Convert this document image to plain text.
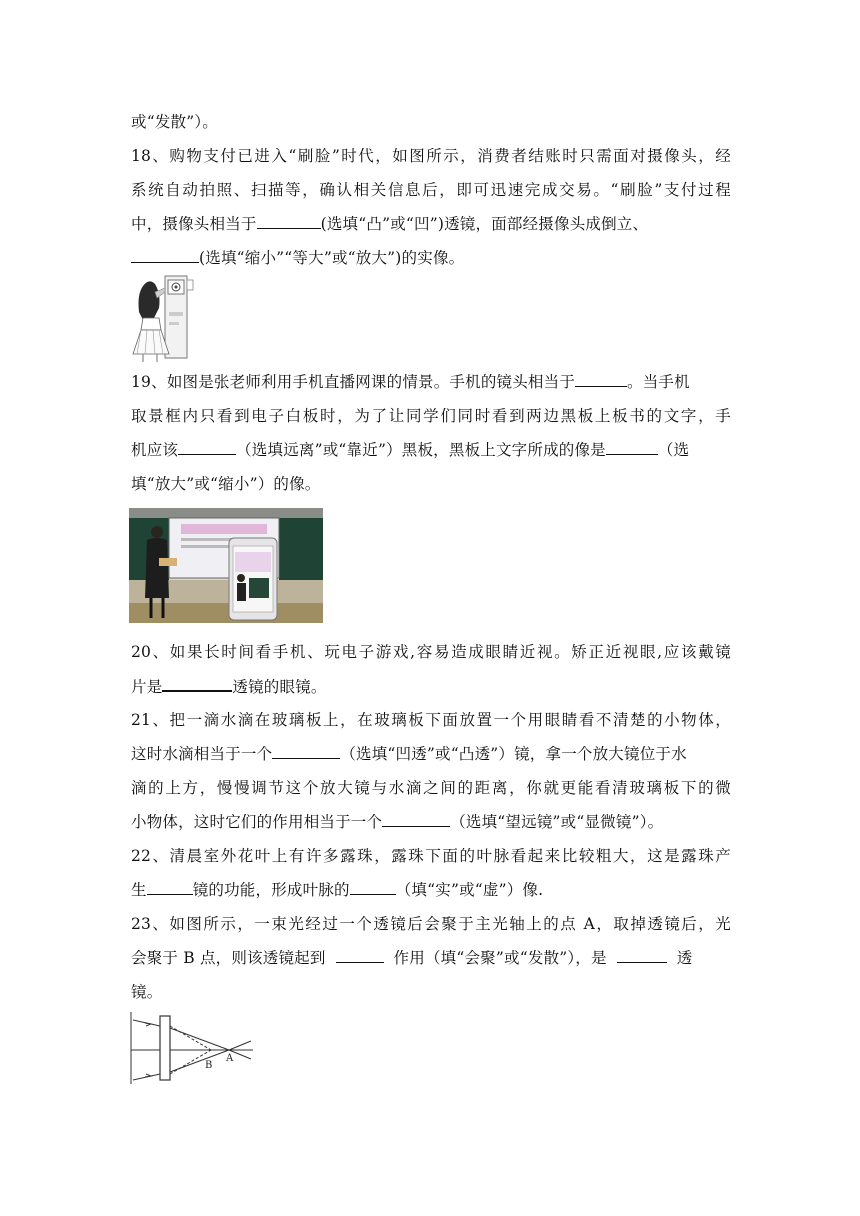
或“发散”）。
18、购物支付已进入“刷脸”时代，如图所示，消费者结账时只需面对摄像头，经
系统自动拍照、扫描等，确认相关信息后，即可迅速完成交易。“刷脸”支付过程
中，摄像头相当于	(选填“凸”或“凹”)透镜，面部经摄像头成倒立、
(选填“缩小”“等大”或“放大”)的实像。
19、如图是张老师利用手机直播网课的情景。手机的镜头相当于	。当手机
取景框内只看到电子白板时，为了让同学们同时看到两边黑板上板书的文字，手
机应该	（选填远离”或“靠近”）黑板，黑板上文字所成的像是	（选
填“放大”或“缩小”）的像。
20、如果长时间看手机、玩电子游戏,容易造成眼睛近视。矫正近视眼,应该戴镜
片是	透镜的眼镜。
21、把一滴水滴在玻璃板上，在玻璃板下面放置一个用眼睛看不清楚的小物体，
这时水滴相当于一个	（选填“凹透”或“凸透”）镜，拿一个放大镜位于水
滴的上方，慢慢调节这个放大镜与水滴之间的距离，你就更能看清玻璃板下的微
小物体，这时它们的作用相当于一个	（选填“望远镜”或“显微镜”）。
22、清晨室外花叶上有许多露珠，露珠下面的叶脉看起来比较粗大，这是露珠产
生	镜的功能，形成叶脉的	（填“实”或“虚”）像.
23、如图所示，一束光经过一个透镜后会聚于主光轴上的点 A，取掉透镜后，光
会聚于 B 点，则该透镜起到	作用（填“会聚”或“发散”），是	透
镜。
B
A
